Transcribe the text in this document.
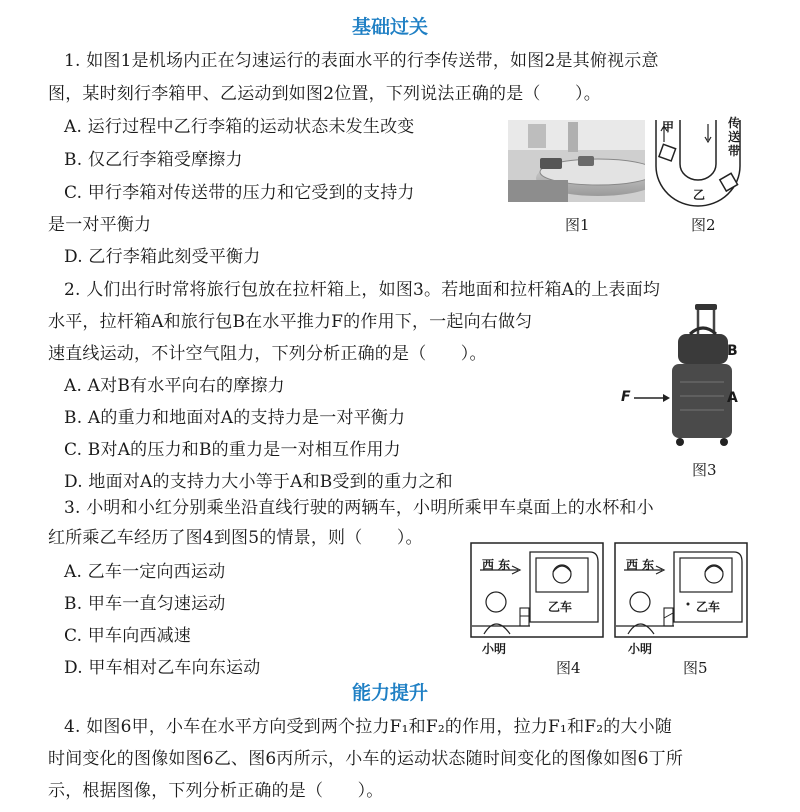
基础过关
1. 如图1是机场内正在匀速运行的表面水平的行李传送带，如图2是其俯视示意
图，某时刻行李箱甲、乙运动到如图2位置，下列说法正确的是（　　）。
A. 运行过程中乙行李箱的运动状态未发生改变
B. 仅乙行李箱受摩擦力
C. 甲行李箱对传送带的压力和它受到的支持力
是一对平衡力
D. 乙行李箱此刻受平衡力
图1
甲	传送带
乙
图2
2. 人们出行时常将旅行包放在拉杆箱上，如图3。若地面和拉杆箱A的上表面均
水平，拉杆箱A和旅行包B在水平推力F的作用下，一起向右做匀
速直线运动，不计空气阻力，下列分析正确的是（　　）。
A. A对B有水平向右的摩擦力
B. A的重力和地面对A的支持力是一对平衡力
C. B对A的压力和B的重力是一对相互作用力
D. 地面对A的支持力大小等于A和B受到的重力之和
B
A
F
图3
3. 小明和小红分别乘坐沿直线行驶的两辆车，小明所乘甲车桌面上的水杯和小
红所乘乙车经历了图4到图5的情景，则（　　）。
A. 乙车一定向西运动
B. 甲车一直匀速运动
C. 甲车向西减速
D. 甲车相对乙车向东运动
西 东
乙车
小明
图4
西 东
乙车
小明
图5
能力提升
4. 如图6甲，小车在水平方向受到两个拉力F₁和F₂的作用，拉力F₁和F₂的大小随
时间变化的图像如图6乙、图6丙所示，小车的运动状态随时间变化的图像如图6丁所
示，根据图像，下列分析正确的是（　　）。
